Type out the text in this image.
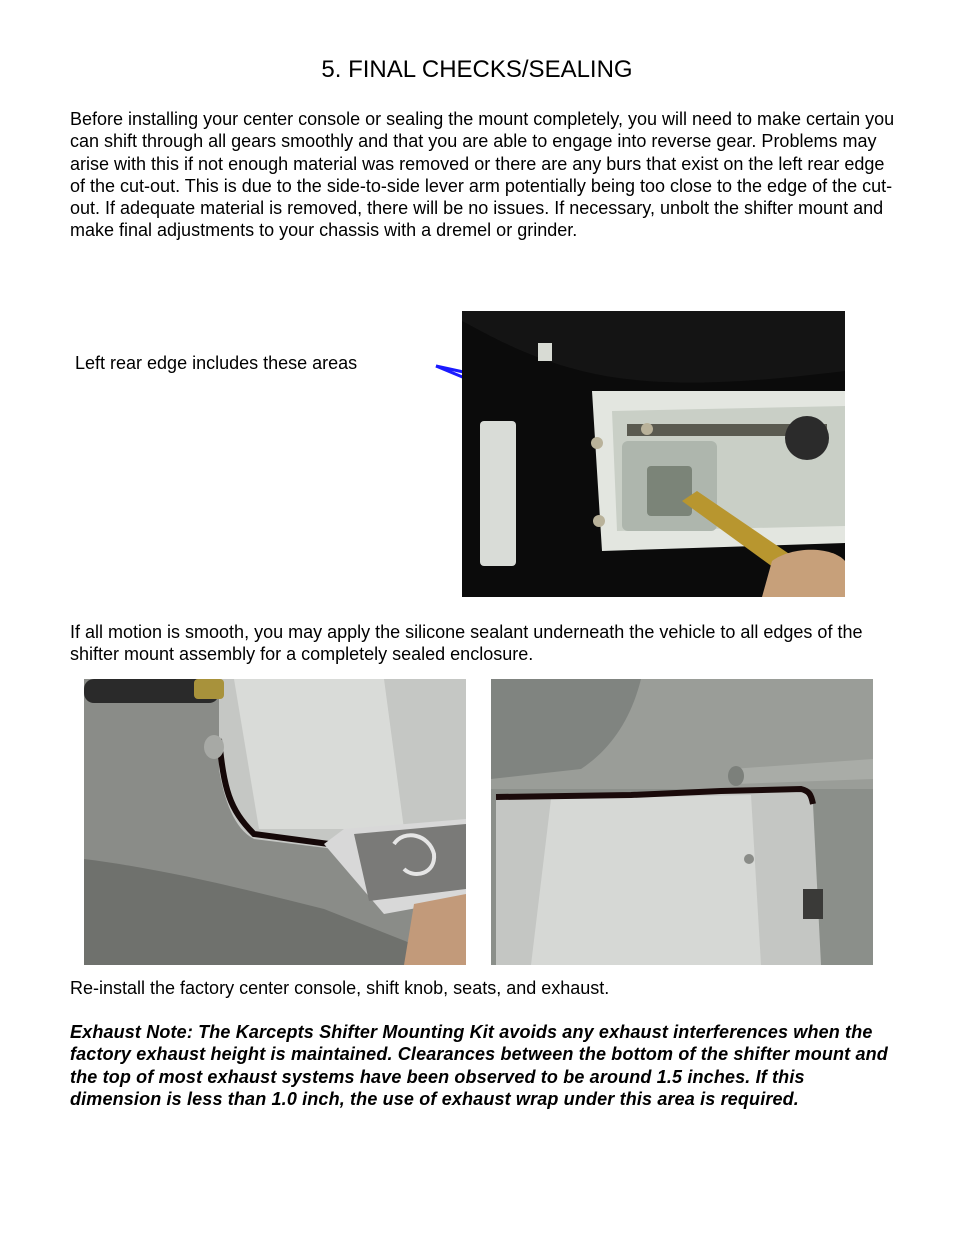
5. FINAL CHECKS/SEALING

Before installing your center console or sealing the mount completely, you will need to make certain you can shift through all gears smoothly and that you are able to engage into reverse gear. Problems may arise with this if not enough material was removed or there are any burs that exist on the left rear edge of the cut-out. This is due to the side-to-side lever arm potentially being too close to the edge of the cut-out. If adequate material is removed, there will be no issues. If necessary, unbolt the shifter mount and make final adjustments to your chassis with a dremel or grinder.

Left rear edge includes these areas

If all motion is smooth, you may apply the silicone sealant underneath the vehicle to all edges of the shifter mount assembly for a completely sealed enclosure.

Re-install the factory center console, shift knob, seats, and exhaust.

Exhaust Note: The Karcepts Shifter Mounting Kit avoids any exhaust interferences when the factory exhaust height is maintained. Clearances between the bottom of the shifter mount and the top of most exhaust systems have been observed to be around 1.5 inches. If this dimension is less than 1.0 inch, the use of exhaust wrap under this area is required.
